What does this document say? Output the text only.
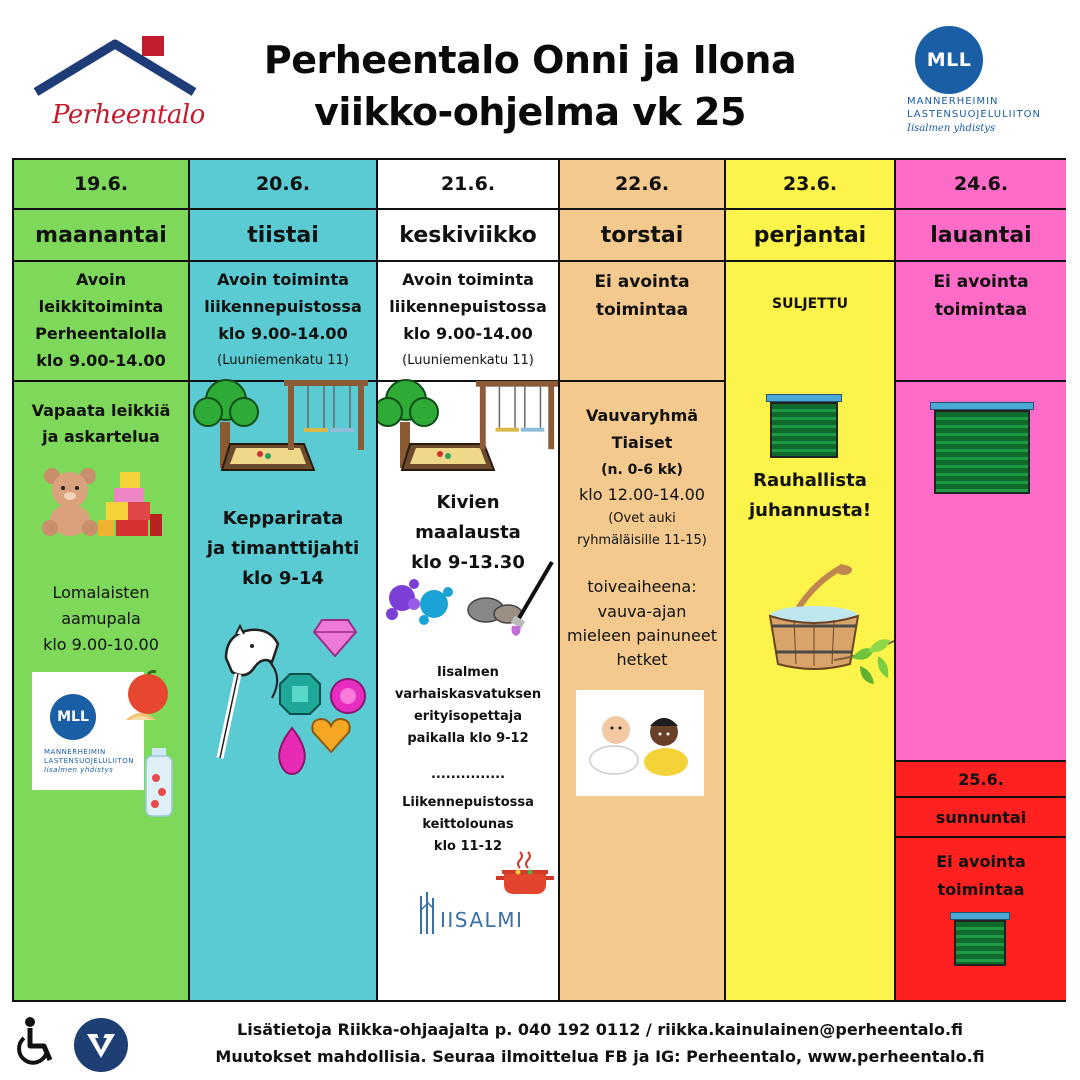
Perheentalo
Perheentalo Onni ja Ilona
viikko-ohjelma vk 25
MLL
MANNERHEIMIN
LASTENSUOJELULIITON
Iisalmen yhdistys
19.6.
maanantai
Avoin
leikkitoiminta
Perheentalolla
klo 9.00-14.00
Vapaata leikkiä
ja askartelua
Lomalaisten
aamupala
klo 9.00-10.00
MLL
MANNERHEIMIN
LASTENSUOJELULIITON
Iisalmen yhdistys
20.6.
tiistai
Avoin toiminta
liikennepuistossa
klo 9.00-14.00
(Luuniemenkatu 11)
Kepparirata
ja timanttijahti
klo 9-14
21.6.
keskiviikko
Avoin toiminta
liikennepuistossa
klo 9.00-14.00
(Luuniemenkatu 11)
Kivien
maalausta
klo 9-13.30
Iisalmen
varhaiskasvatuksen
erityisopettaja
paikalla klo 9-12
...............
Liikennepuistossa
keittolounas
klo 11-12
IISALMI
22.6.
torstai
Ei avointa
toimintaa
Vauvaryhmä
Tiaiset
(n. 0-6 kk)
klo 12.00-14.00
(Ovet auki
ryhmäläisille 11-15)
toiveaiheena:
vauva-ajan
mieleen painuneet
hetket
23.6.
perjantai
SULJETTU
Rauhallista
juhannusta!
24.6.
lauantai
Ei avointa
toimintaa
25.6.
sunnuntai
Ei avointa
toimintaa
Lisätietoja Riikka-ohjaajalta p. 040 192 0112 / riikka.kainulainen@perheentalo.fi
Muutokset mahdollisia. Seuraa ilmoittelua FB ja IG: Perheentalo, www.perheentalo.fi
